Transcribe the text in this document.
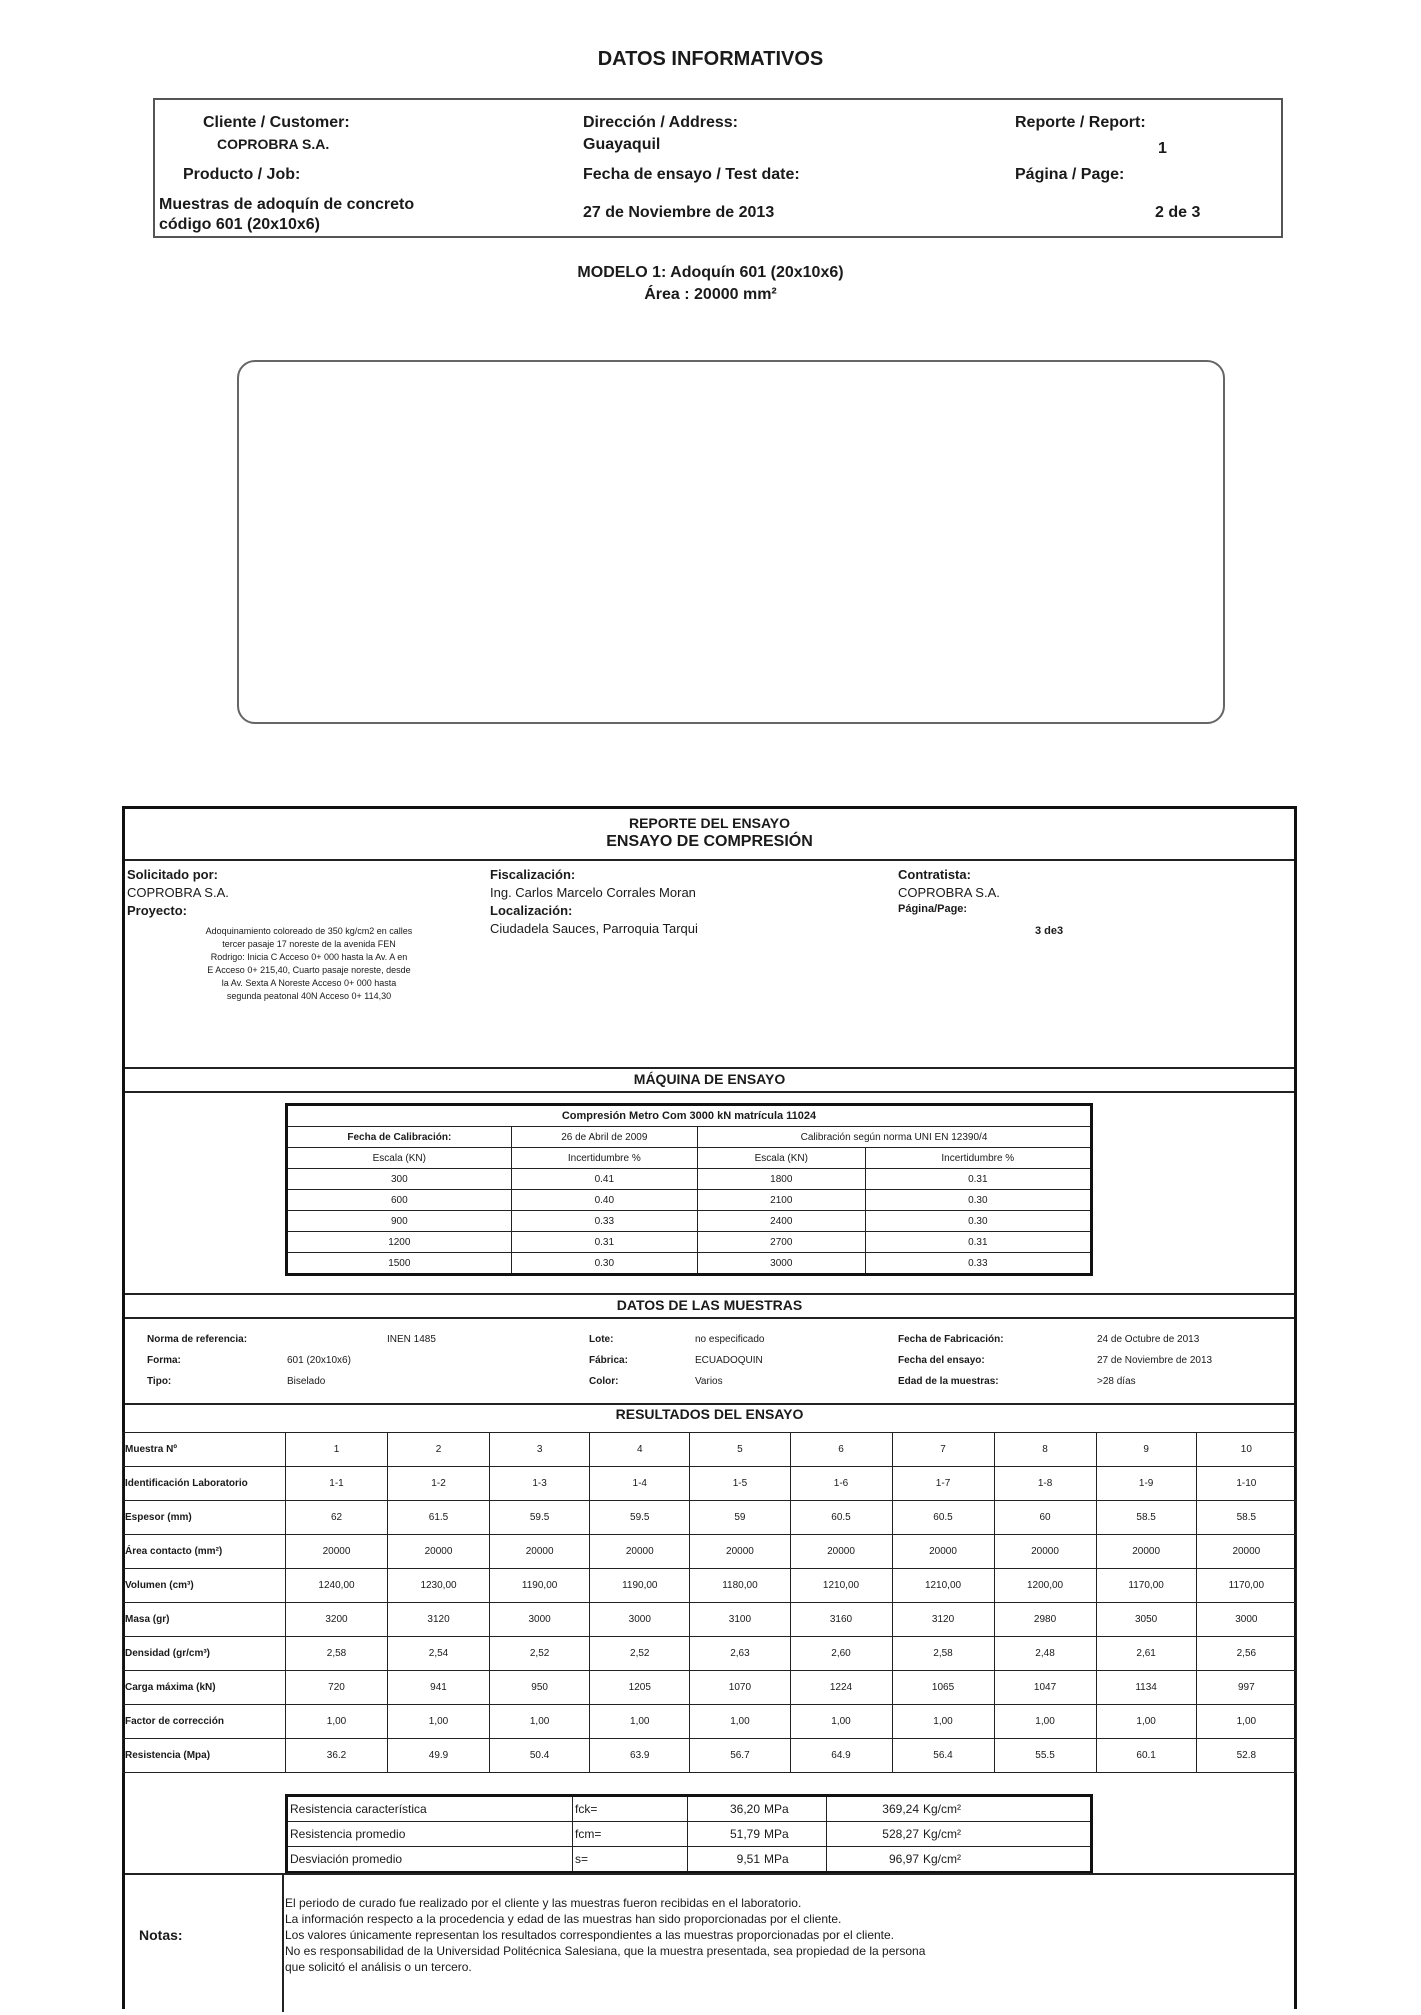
DATOS INFORMATIVOS
Cliente / Customer:
COPROBRA S.A.
Dirección / Address:
Guayaquil
Reporte / Report:
1
Producto / Job:	Fecha de ensayo / Test date:	Página / Page:
Muestras de adoquín de concreto
código 601 (20x10x6)
27 de Noviembre de 2013	2 de 3
MODELO 1: Adoquín 601 (20x10x6)
Área : 20000 mm²
REPORTE DEL ENSAYO
ENSAYO DE COMPRESIÓN
Solicitado por:
COPROBRA S.A.
Proyecto:
Adoquinamiento coloreado de 350 kg/cm2 en calles
tercer pasaje 17 noreste de la avenida FEN
Rodrigo: Inicia C Acceso 0+ 000 hasta la Av. A en
E Acceso 0+ 215,40, Cuarto pasaje noreste, desde
la Av. Sexta A Noreste Acceso 0+ 000 hasta
segunda peatonal 40N Acceso 0+ 114,30
Fiscalización:
Ing. Carlos Marcelo Corrales Moran
Localización:
Ciudadela Sauces, Parroquia Tarqui
Contratista:
COPROBRA S.A.
Página/Page:
3 de3
MÁQUINA DE ENSAYO
Compresión Metro Com 3000 kN matrícula 11024			
Fecha de Calibración:	26 de Abril de 2009	Calibración según norma UNI EN 12390/4	
Escala (KN)	Incertidumbre %	Escala (KN)	Incertidumbre %
300	0.41	1800	0.31
600	0.40	2100	0.30
900	0.33	2400	0.30
1200	0.31	2700	0.31
1500	0.30	3000	0.33
DATOS DE LAS MUESTRAS
Norma de referencia:	INEN 1485
Forma:	601 (20x10x6)
Tipo:	Biselado
Lote:	no especificado
Fábrica:	ECUADOQUIN
Color:	Varios
Fecha de Fabricación:	24 de Octubre de 2013
Fecha del ensayo:	27 de Noviembre de 2013
Edad de la muestras:	>28 días
RESULTADOS DEL ENSAYO
Muestra Nº	1	2	3	4	5	6	7	8	9	10
Identificación Laboratorio	1-1	1-2	1-3	1-4	1-5	1-6	1-7	1-8	1-9	1-10
Espesor (mm)	62	61.5	59.5	59.5	59	60.5	60.5	60	58.5	58.5
Área contacto (mm²)	20000	20000	20000	20000	20000	20000	20000	20000	20000	20000
Volumen (cm³)	1240,00	1230,00	1190,00	1190,00	1180,00	1210,00	1210,00	1200,00	1170,00	1170,00
Masa (gr)	3200	3120	3000	3000	3100	3160	3120	2980	3050	3000
Densidad (gr/cm³)	2,58	2,54	2,52	2,52	2,63	2,60	2,58	2,48	2,61	2,56
Carga máxima (kN)	720	941	950	1205	1070	1224	1065	1047	1134	997
Factor de corrección	1,00	1,00	1,00	1,00	1,00	1,00	1,00	1,00	1,00	1,00
Resistencia (Mpa)	36.2	49.9	50.4	63.9	56.7	64.9	56.4	55.5	60.1	52.8
Resistencia característica	fck=	36,20	MPa	369,24	Kg/cm²
Resistencia promedio	fcm=	51,79	MPa	528,27	Kg/cm²
Desviación promedio	s=	9,51	MPa	96,97	Kg/cm²
Notas:
El periodo de curado fue realizado por el cliente y las muestras fueron recibidas en el laboratorio.
La información respecto a la procedencia y edad de las muestras han sido proporcionadas por el cliente.
Los valores únicamente representan los resultados correspondientes a las muestras proporcionadas por el cliente.
No es responsabilidad de la Universidad Politécnica Salesiana, que la muestra presentada, sea propiedad de la persona
que solicitó el análisis o un tercero.
